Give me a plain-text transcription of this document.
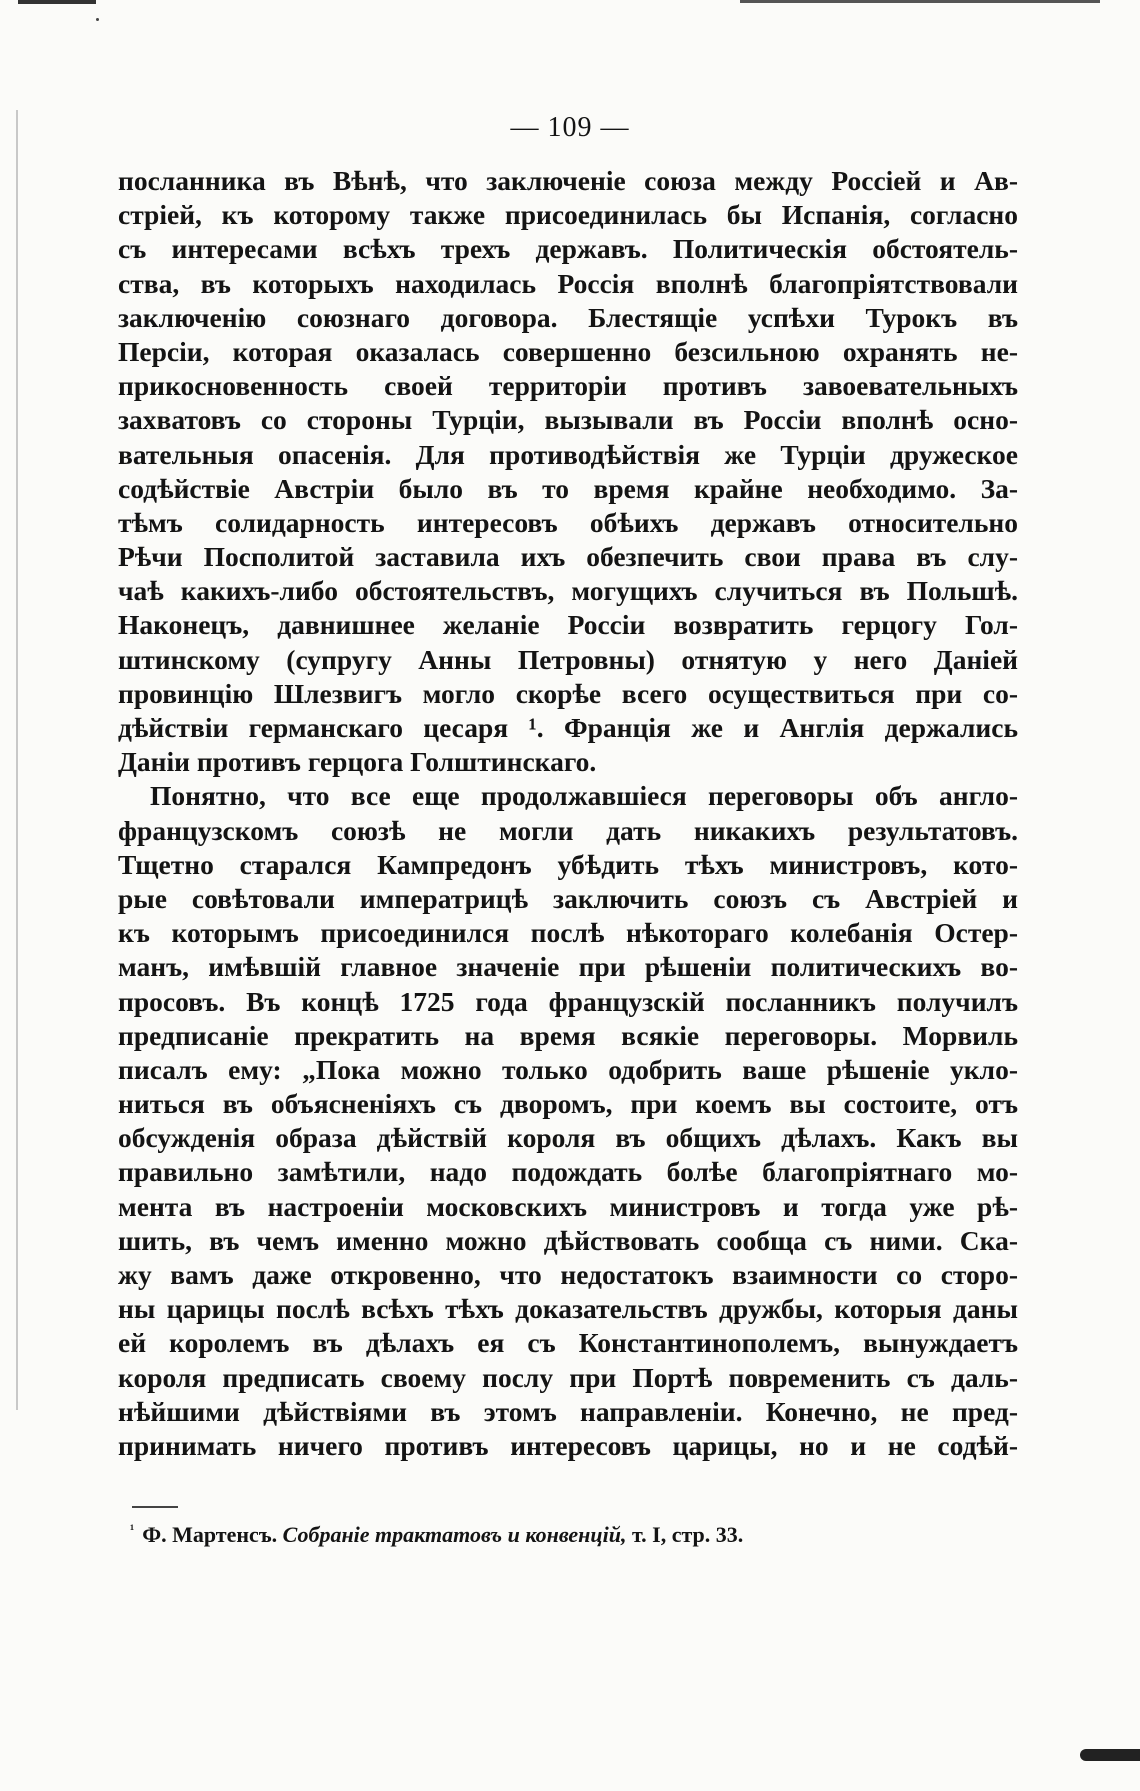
— 109 —
посланника въ Вѣнѣ, что заключеніе союза между Россіей и Ав-
стріей, къ которому также присоединилась бы Испанія, согласно
съ интересами всѣхъ трехъ державъ. Политическія обстоятель-
ства, въ которыхъ находилась Россія вполнѣ благопріятствовали
заключенію союзнаго договора. Блестящіе успѣхи Турокъ въ
Персіи, которая оказалась совершенно безсильною охранять не-
прикосновенность своей территоріи противъ завоевательныхъ
захватовъ со стороны Турціи, вызывали въ Россіи вполнѣ осно-
вательныя опасенія. Для противодѣйствія же Турціи дружеское
содѣйствіе Австріи было въ то время крайне необходимо. За-
тѣмъ солидарность интересовъ обѣихъ державъ относительно
Рѣчи Посполитой заставила ихъ обезпечить свои права въ слу-
чаѣ какихъ-либо обстоятельствъ, могущихъ случиться въ Польшѣ.
Наконецъ, давнишнее желаніе Россіи возвратить герцогу Гол-
штинскому (супругу Анны Петровны) отнятую у него Даніей
провинцію Шлезвигъ могло скорѣе всего осуществиться при со-
дѣйствіи германскаго цесаря ¹. Франція же и Англія держались
Даніи противъ герцога Голштинскаго.
Понятно, что все еще продолжавшіеся переговоры объ англо-
французскомъ союзѣ не могли дать никакихъ результатовъ.
Тщетно старался Кампредонъ убѣдить тѣхъ министровъ, кото-
рые совѣтовали императрицѣ заключить союзъ съ Австріей и
къ которымъ присоединился послѣ нѣкотораго колебанія Остер-
манъ, имѣвшій главное значеніе при рѣшеніи политическихъ во-
просовъ. Въ концѣ 1725 года французскій посланникъ получилъ
предписаніе прекратить на время всякіе переговоры. Морвиль
писалъ ему: „Пока можно только одобрить ваше рѣшеніе укло-
ниться въ объясненіяхъ съ дворомъ, при коемъ вы состоите, отъ
обсужденія образа дѣйствій короля въ общихъ дѣлахъ. Какъ вы
правильно замѣтили, надо подождать болѣе благопріятнаго мо-
мента въ настроеніи московскихъ министровъ и тогда уже рѣ-
шить, въ чемъ именно можно дѣйствовать сообща съ ними. Ска-
жу вамъ даже откровенно, что недостатокъ взаимности со сторо-
ны царицы послѣ всѣхъ тѣхъ доказательствъ дружбы, которыя даны
ей королемъ въ дѣлахъ ея съ Константинополемъ, вынуждаетъ
короля предписать своему послу при Портѣ повременить съ даль-
нѣйшими дѣйствіями въ этомъ направленіи. Конечно, не пред-
принимать ничего противъ интересовъ царицы, но и не содѣй-
$^{^1}$ Ф. Мартенсъ. Собраніе трактатовъ и конвенцій, т. I, стр. 33.
